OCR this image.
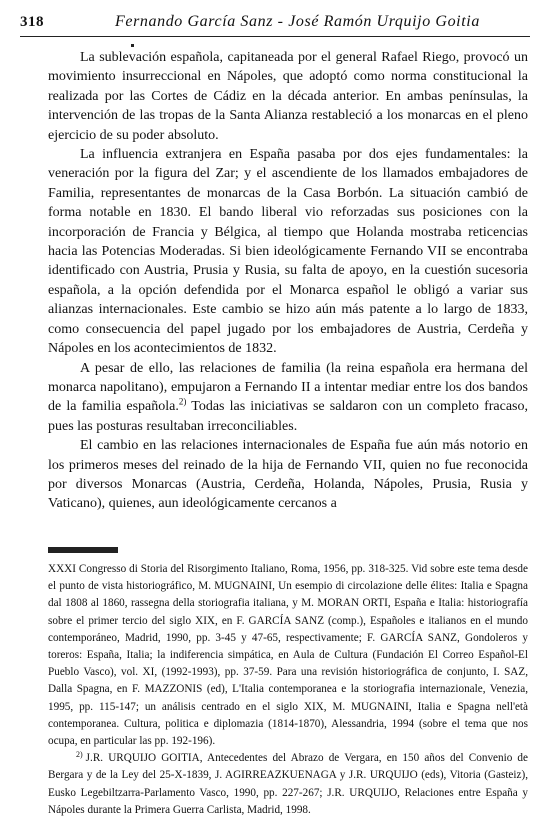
318	Fernando García Sanz - José Ramón Urquijo Goitia

La sublevación española, capitaneada por el general Rafael Riego, provocó un movimiento insurreccional en Nápoles, que adoptó como norma constitucional la realizada por las Cortes de Cádiz en la década anterior. En ambas penínsulas, la intervención de las tropas de la Santa Alianza restableció a los monarcas en el pleno ejercicio de su poder absoluto.

La influencia extranjera en España pasaba por dos ejes fundamentales: la veneración por la figura del Zar; y el ascendiente de los llamados embajadores de Familia, representantes de monarcas de la Casa Borbón. La situación cambió de forma notable en 1830. El bando liberal vio reforzadas sus posiciones con la incorporación de Francia y Bélgica, al tiempo que Holanda mostraba reticencias hacia las Potencias Moderadas. Si bien ideológicamente Fernando VII se encontraba identificado con Austria, Prusia y Rusia, su falta de apoyo, en la cuestión sucesoria española, a la opción defendida por el Monarca español le obligó a variar sus alianzas internacionales. Este cambio se hizo aún más patente a lo largo de 1833, como consecuencia del papel jugado por los embajadores de Austria, Cerdeña y Nápoles en los acontecimientos de 1832.

A pesar de ello, las relaciones de familia (la reina española era hermana del monarca napolitano), empujaron a Fernando II a intentar mediar entre los dos bandos de la familia española.$^{2)}$ Todas las iniciativas se saldaron con un completo fracaso, pues las posturas resultaban irreconciliables.

El cambio en las relaciones internacionales de España fue aún más notorio en los primeros meses del reinado de la hija de Fernando VII, quien no fue reconocida por diversos Monarcas (Austria, Cerdeña, Holanda, Nápoles, Prusia, Rusia y Vaticano), quienes, aun ideológicamente cercanos a

XXXI Congresso di Storia del Risorgimento Italiano, Roma, 1956, pp. 318-325. Vid sobre este tema desde el punto de vista historiográfico, M. MUGNAINI, Un esempio di circolazione delle élites: Italia e Spagna dal 1808 al 1860, rassegna della storiografia italiana, y M. MORAN ORTI, España e Italia: historiografía sobre el primer tercio del siglo XIX, en F. GARCÍA SANZ (comp.), Españoles e italianos en el mundo contemporáneo, Madrid, 1990, pp. 3-45 y 47-65, respectivamente; F. GARCÍA SANZ, Gondoleros y toreros: España, Italia; la indiferencia simpática, en Aula de Cultura (Fundación El Correo Español-El Pueblo Vasco), vol. XI, (1992-1993), pp. 37-59. Para una revisión historiográfica de conjunto, I. SAZ, Dalla Spagna, en F. MAZZONIS (ed), L'Italia contemporanea e la storiografia internazionale, Venezia, 1995, pp. 115-147; un análisis centrado en el siglo XIX, M. MUGNAINI, Italia e Spagna nell'età contemporanea. Cultura, politica e diplomazia (1814-1870), Alessandria, 1994 (sobre el tema que nos ocupa, en particular las pp. 192-196).

$^{2)}$ J.R. URQUIJO GOITIA, Antecedentes del Abrazo de Vergara, en 150 años del Convenio de Bergara y de la Ley del 25-X-1839, J. AGIRREAZKUENAGA y J.R. URQUIJO (eds), Vitoria (Gasteiz), Eusko Legebiltzarra-Parlamento Vasco, 1990, pp. 227-267; J.R. URQUIJO, Relaciones entre España y Nápoles durante la Primera Guerra Carlista, Madrid, 1998.
